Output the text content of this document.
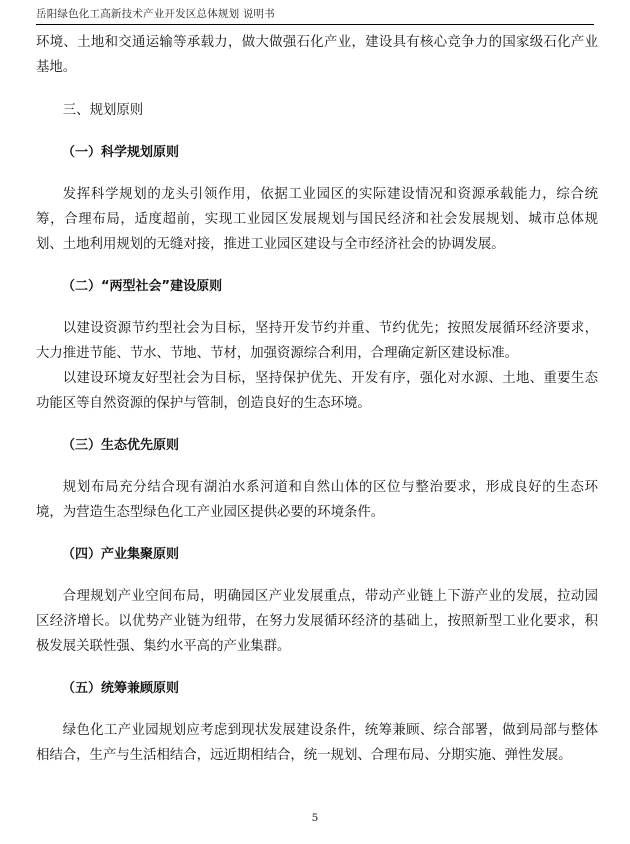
岳阳绿色化工高新技术产业开发区总体规划 说明书

环境、土地和交通运输等承载力，做大做强石化产业，建设具有核心竞争力的国家级石化产业基地。

三、规划原则
（一）科学规划原则

发挥科学规划的龙头引领作用，依据工业园区的实际建设情况和资源承载能力，综合统筹，合理布局，适度超前，实现工业园区发展规划与国民经济和社会发展规划、城市总体规划、土地利用规划的无缝对接，推进工业园区建设与全市经济社会的协调发展。

（二）“两型社会”建设原则

以建设资源节约型社会为目标，坚持开发节约并重、节约优先；按照发展循环经济要求，大力推进节能、节水、节地、节材，加强资源综合利用，合理确定新区建设标准。

以建设环境友好型社会为目标，坚持保护优先、开发有序，强化对水源、土地、重要生态功能区等自然资源的保护与管制，创造良好的生态环境。

（三）生态优先原则

规划布局充分结合现有湖泊水系河道和自然山体的区位与整治要求，形成良好的生态环境，为营造生态型绿色化工产业园区提供必要的环境条件。

（四）产业集聚原则

合理规划产业空间布局，明确园区产业发展重点，带动产业链上下游产业的发展，拉动园区经济增长。以优势产业链为纽带，在努力发展循环经济的基础上，按照新型工业化要求，积极发展关联性强、集约水平高的产业集群。

（五）统筹兼顾原则

绿色化工产业园规划应考虑到现状发展建设条件，统筹兼顾、综合部署，做到局部与整体相结合，生产与生活相结合，远近期相结合，统一规划、合理布局、分期实施、弹性发展。

5
